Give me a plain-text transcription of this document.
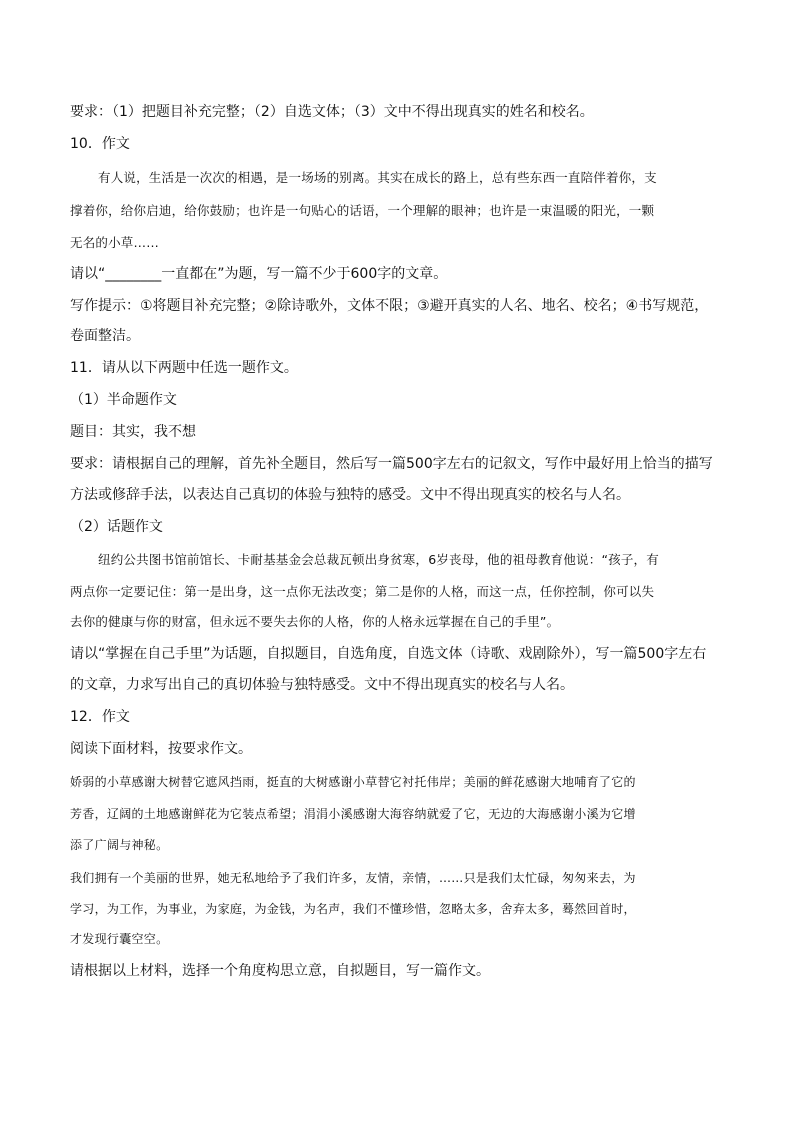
要求：（1）把题目补充完整；（2）自选文体；（3）文中不得出现真实的姓名和校名。
10．作文
有人说，生活是一次次的相遇，是一场场的别离。其实在成长的路上，总有些东西一直陪伴着你，支
撑着你，给你启迪，给你鼓励；也许是一句贴心的话语，一个理解的眼神；也许是一束温暖的阳光，一颗
无名的小草……
请以“________一直都在”为题，写一篇不少于600字的文章。
写作提示：①将题目补充完整；②除诗歌外，文体不限；③避开真实的人名、地名、校名；④书写规范，
卷面整洁。
11．请从以下两题中任选一题作文。
（1）半命题作文
题目：其实，我不想
要求：请根据自己的理解，首先补全题目，然后写一篇500字左右的记叙文，写作中最好用上恰当的描写
方法或修辞手法，以表达自己真切的体验与独特的感受。文中不得出现真实的校名与人名。
（2）话题作文
纽约公共图书馆前馆长、卡耐基基金会总裁瓦顿出身贫寒，6岁丧母，他的祖母教育他说：“孩子，有
两点你一定要记住：第一是出身，这一点你无法改变；第二是你的人格，而这一点，任你控制，你可以失
去你的健康与你的财富，但永远不要失去你的人格，你的人格永远掌握在自己的手里”。
请以“掌握在自己手里”为话题，自拟题目，自选角度，自选文体（诗歌、戏剧除外），写一篇500字左右
的文章，力求写出自己的真切体验与独特感受。文中不得出现真实的校名与人名。
12．作文
阅读下面材料，按要求作文。
娇弱的小草感谢大树替它遮风挡雨，挺直的大树感谢小草替它衬托伟岸；美丽的鲜花感谢大地哺育了它的
芳香，辽阔的土地感谢鲜花为它装点希望；涓涓小溪感谢大海容纳就爱了它，无边的大海感谢小溪为它增
添了广阔与神秘。
我们拥有一个美丽的世界，她无私地给予了我们许多，友情，亲情，……只是我们太忙碌，匆匆来去，为
学习，为工作，为事业，为家庭，为金钱，为名声，我们不懂珍惜，忽略太多，舍弃太多，蓦然回首时，
才发现行囊空空。
请根据以上材料，选择一个角度构思立意，自拟题目，写一篇作文。
